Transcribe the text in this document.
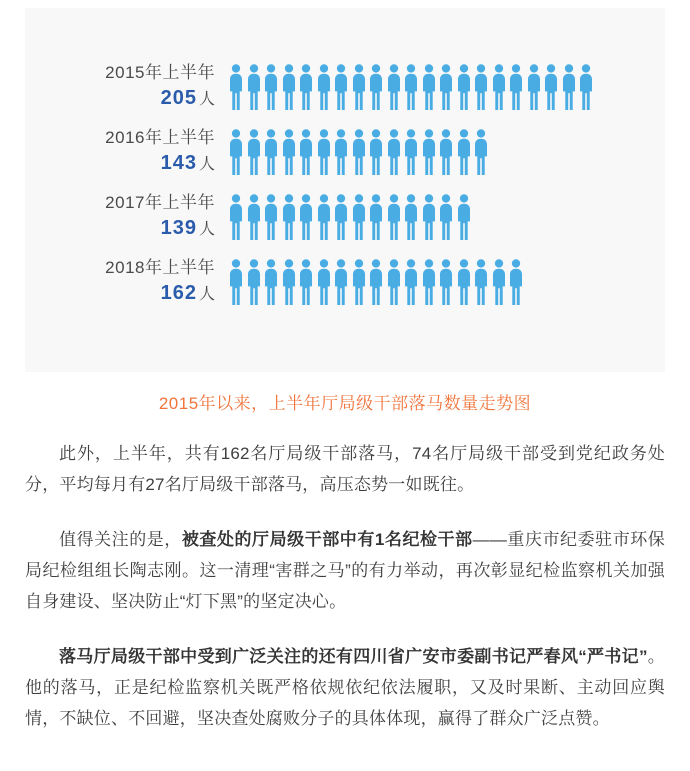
2015年上半年
205 人
2016年上半年
143 人
2017年上半年
139 人
2018年上半年
162 人
2015年以来，上半年厅局级干部落马数量走势图

此外，上半年，共有162名厅局级干部落马，74名厅局级干部受到党纪政务处分，平均每月有27名厅局级干部落马，高压态势一如既往。

值得关注的是，被查处的厅局级干部中有1名纪检干部——重庆市纪委驻市环保局纪检组组长陶志刚。这一清理“害群之马”的有力举动，再次彰显纪检监察机关加强自身建设、坚决防止“灯下黑”的坚定决心。

落马厅局级干部中受到广泛关注的还有四川省广安市委副书记严春风“严书记”。他的落马，正是纪检监察机关既严格依规依纪依法履职，又及时果断、主动回应舆情，不缺位、不回避，坚决查处腐败分子的具体体现，赢得了群众广泛点赞。
